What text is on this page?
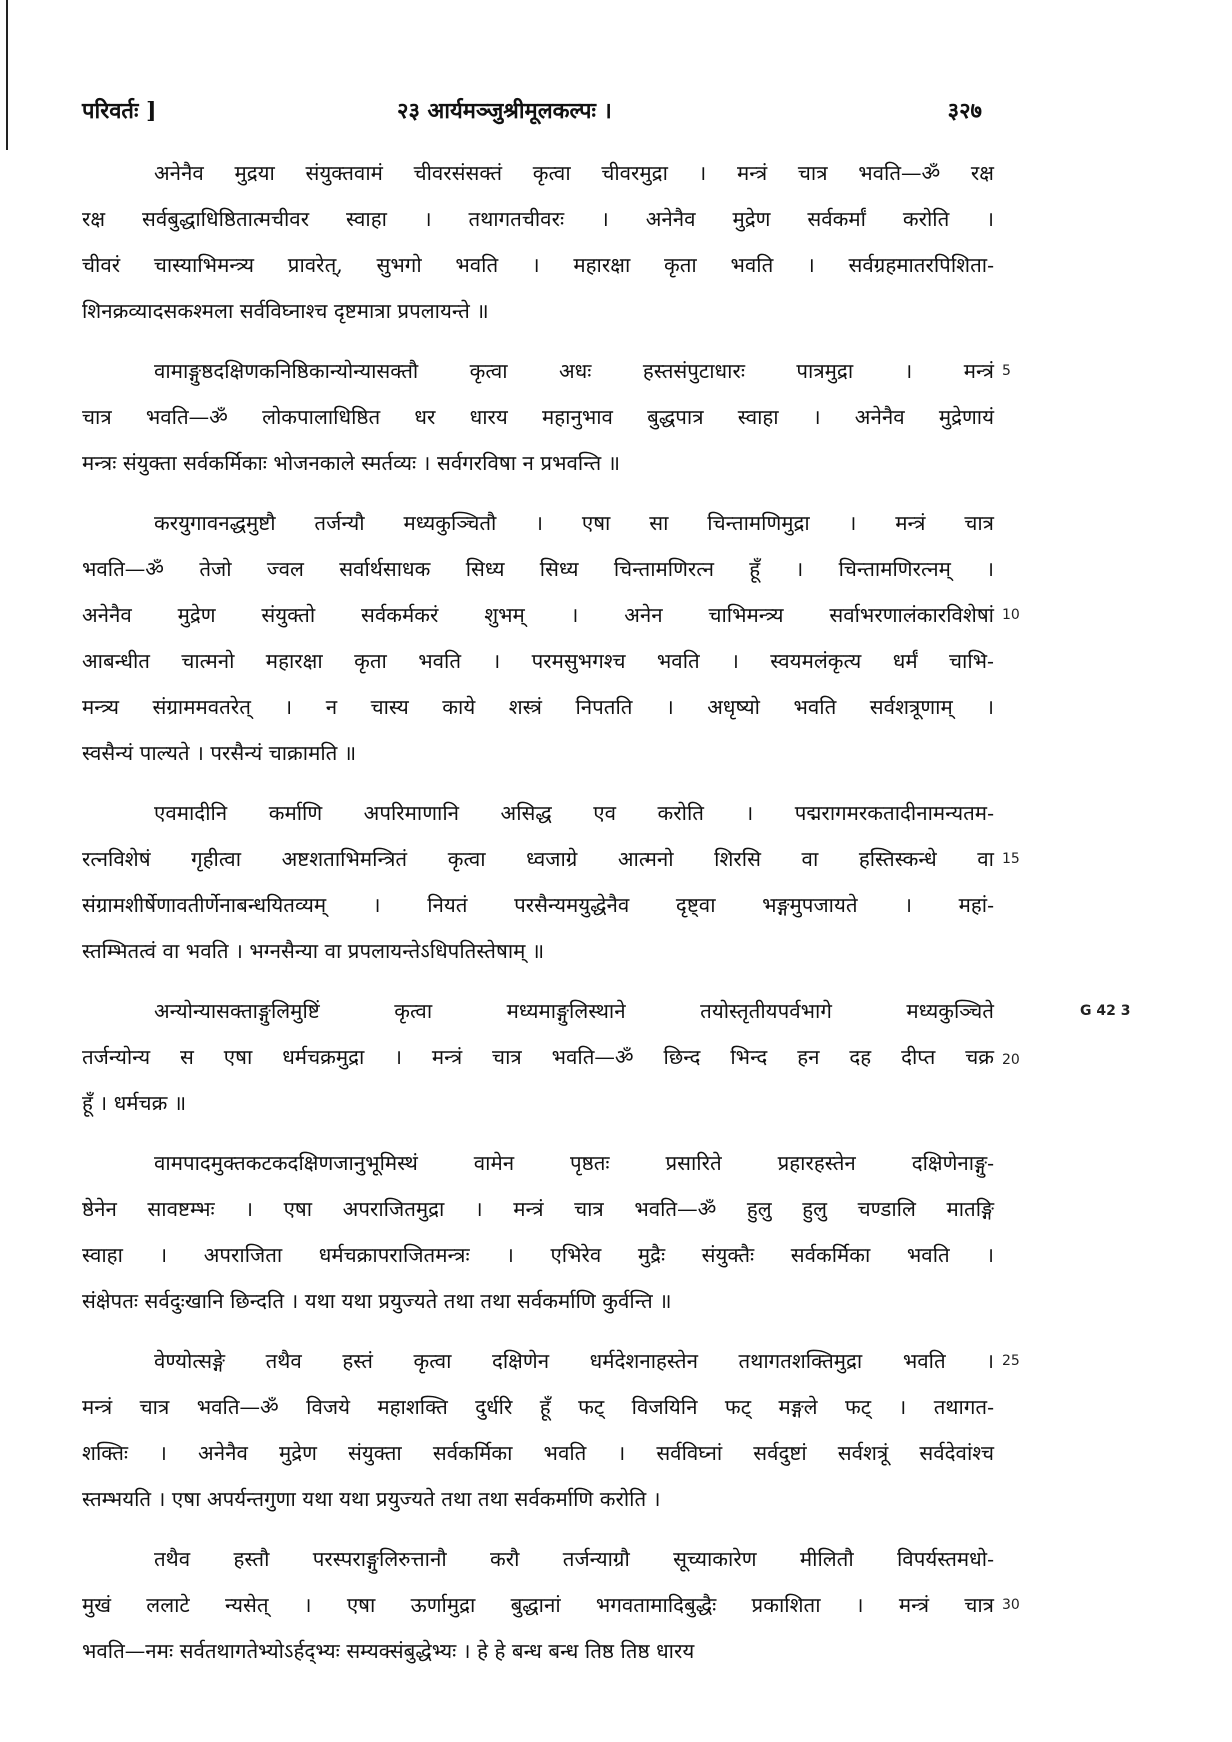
परिवर्तः ]	२३ आर्यमञ्जुश्रीमूलकल्पः ।	३२७
G 42 3
20
अनेनैव मुद्रया संयुक्तवामं चीवरसंसक्तं कृत्वा चीवरमुद्रा । मन्त्रं चात्र भवति—ॐ रक्ष
रक्ष सर्वबुद्धाधिष्ठितात्मचीवर स्वाहा । तथागतचीवरः । अनेनैव मुद्रेण सर्वकर्मां करोति ।
चीवरं चास्याभिमन्त्र्य प्रावरेत्, सुभगो भवति । महारक्षा कृता भवति । सर्वग्रहमातरपिशिता-
शिनक्रव्यादसकश्मला सर्वविघ्नाश्च दृष्टमात्रा प्रपलायन्ते ॥
वामाङ्गुष्ठदक्षिणकनिष्ठिकान्योन्यासक्तौ कृत्वा अधः हस्तसंपुटाधारः पात्रमुद्रा । मन्त्रं 5
चात्र भवति—ॐ लोकपालाधिष्ठित धर धारय महानुभाव बुद्धपात्र स्वाहा । अनेनैव मुद्रेणायं
मन्त्रः संयुक्ता सर्वकर्मिकाः भोजनकाले स्मर्तव्यः । सर्वगरविषा न प्रभवन्ति ॥
करयुगावनद्धमुष्टौ तर्जन्यौ मध्यकुञ्चितौ । एषा सा चिन्तामणिमुद्रा । मन्त्रं चात्र
भवति—ॐ तेजो ज्वल सर्वार्थसाधक सिध्य सिध्य चिन्तामणिरत्न हूँ । चिन्तामणिरत्नम् ।
अनेनैव मुद्रेण संयुक्तो सर्वकर्मकरं शुभम् । अनेन चाभिमन्त्र्य सर्वाभरणालंकारविशेषां 10
आबन्धीत चात्मनो महारक्षा कृता भवति । परमसुभगश्च भवति । स्वयमलंकृत्य धर्मं चाभि-
मन्त्र्य संग्राममवतरेत् । न चास्य काये शस्त्रं निपतति । अधृष्यो भवति सर्वशत्रूणाम् ।
स्वसैन्यं पाल्यते । परसैन्यं चाक्रामति ॥
एवमादीनि कर्माणि अपरिमाणानि असिद्ध एव करोति । पद्मरागमरकतादीनामन्यतम-
रत्नविशेषं गृहीत्वा अष्टशताभिमन्त्रितं कृत्वा ध्वजाग्रे आत्मनो शिरसि वा हस्तिस्कन्धे वा 15
संग्रामशीर्षेणावतीर्णेनाबन्धयितव्यम् । नियतं परसैन्यमयुद्धेनैव दृष्ट्वा भङ्गमुपजायते । महां-
स्तम्भितत्वं वा भवति । भग्नसैन्या वा प्रपलायन्तेऽधिपतिस्तेषाम् ॥
अन्योन्यासक्ताङ्गुलिमुष्टिं कृत्वा मध्यमाङ्गुलिस्थाने तयोस्तृतीयपर्वभागे मध्यकुञ्चिते
तर्जन्योन्य स एषा धर्मचक्रमुद्रा । मन्त्रं चात्र भवति—ॐ छिन्द भिन्द हन दह दीप्त चक्र
हूँ । धर्मचक्र ॥
वामपादमुक्तकटकदक्षिणजानुभूमिस्थं वामेन पृष्ठतः प्रसारिते प्रहारहस्तेन दक्षिणेनाङ्गु-
ष्ठेनेन सावष्टम्भः । एषा अपराजितमुद्रा । मन्त्रं चात्र भवति—ॐ हुलु हुलु चण्डालि मातङ्गि
स्वाहा । अपराजिता धर्मचक्रापराजितमन्त्रः । एभिरेव मुद्रैः संयुक्तैः सर्वकर्मिका भवति ।
संक्षेपतः सर्वदुःखानि छिन्दति । यथा यथा प्रयुज्यते तथा तथा सर्वकर्माणि कुर्वन्ति ॥
वेण्योत्सङ्गे तथैव हस्तं कृत्वा दक्षिणेन धर्मदेशनाहस्तेन तथागतशक्तिमुद्रा भवति । 25
मन्त्रं चात्र भवति—ॐ विजये महाशक्ति दुर्धरि हूँ फट् विजयिनि फट् मङ्गले फट् । तथागत-
शक्तिः । अनेनैव मुद्रेण संयुक्ता सर्वकर्मिका भवति । सर्वविघ्नां सर्वदुष्टां सर्वशत्रूं सर्वदेवांश्च
स्तम्भयति । एषा अपर्यन्तगुणा यथा यथा प्रयुज्यते तथा तथा सर्वकर्माणि करोति ।
तथैव हस्तौ परस्पराङ्गुलिरुत्तानौ करौ तर्जन्याग्रौ सूच्याकारेण मीलितौ विपर्यस्तमधो-
मुखं ललाटे न्यसेत् । एषा ऊर्णामुद्रा बुद्धानां भगवतामादिबुद्धैः प्रकाशिता । मन्त्रं चात्र 30
भवति—नमः सर्वतथागतेभ्योऽर्हद्भ्यः सम्यक्संबुद्धेभ्यः । हे हे बन्ध बन्ध तिष्ठ तिष्ठ धारय
